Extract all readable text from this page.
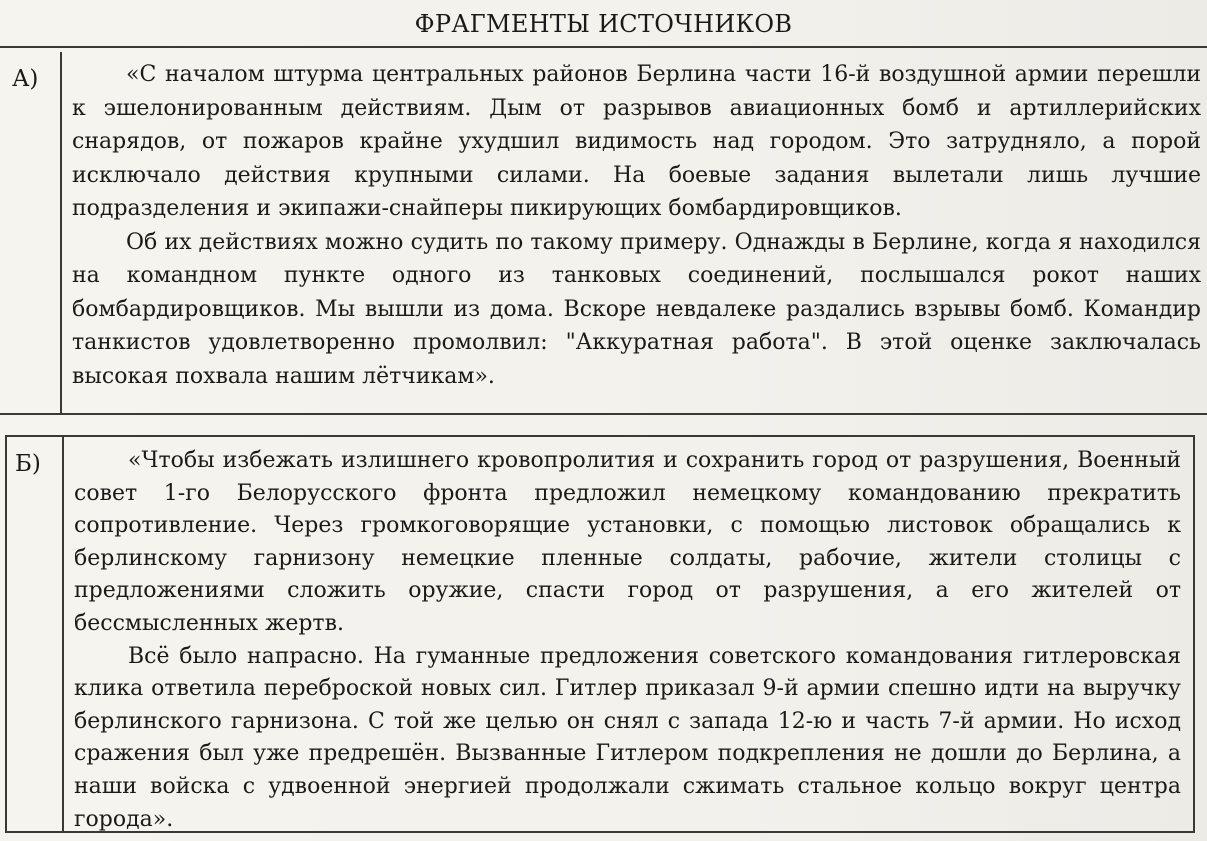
ФРАГМЕНТЫ ИСТОЧНИКОВ
А)	«С началом штурма центральных районов Берлина части 16-й воздушной армии перешли к эшелонированным действиям. Дым от разрывов авиационных бомб и артиллерийских снарядов, от пожаров крайне ухудшил видимость над городом. Это затрудняло, а порой исключало действия крупными силами. На боевые задания вылетали лишь лучшие подразделения и экипажи-снайперы пикирующих бомбардировщиков.

Об их действиях можно судить по такому примеру. Однажды в Берлине, когда я находился на командном пункте одного из танковых соединений, послышался рокот наших бомбардировщиков. Мы вышли из дома. Вскоре невдалеке раздались взрывы бомб. Командир танкистов удовлетворенно промолвил: "Аккуратная работа". В этой оценке заключалась высокая похвала нашим лётчикам».

Б)	«Чтобы избежать излишнего кровопролития и сохранить город от разрушения, Военный совет 1-го Белорусского фронта предложил немецкому командованию прекратить сопротивление. Через громкоговорящие установки, с помощью листовок обращались к берлинскому гарнизону немецкие пленные солдаты, рабочие, жители столицы с предложениями сложить оружие, спасти город от разрушения, а его жителей от бессмысленных жертв.

Всё было напрасно. На гуманные предложения советского командования гитлеровская клика ответила переброской новых сил. Гитлер приказал 9-й армии спешно идти на выручку берлинского гарнизона. С той же целью он снял с запада 12-ю и часть 7-й армии. Но исход сражения был уже предрешён. Вызванные Гитлером подкрепления не дошли до Берлина, а наши войска с удвоенной энергией продолжали сжимать стальное кольцо вокруг центра города».
